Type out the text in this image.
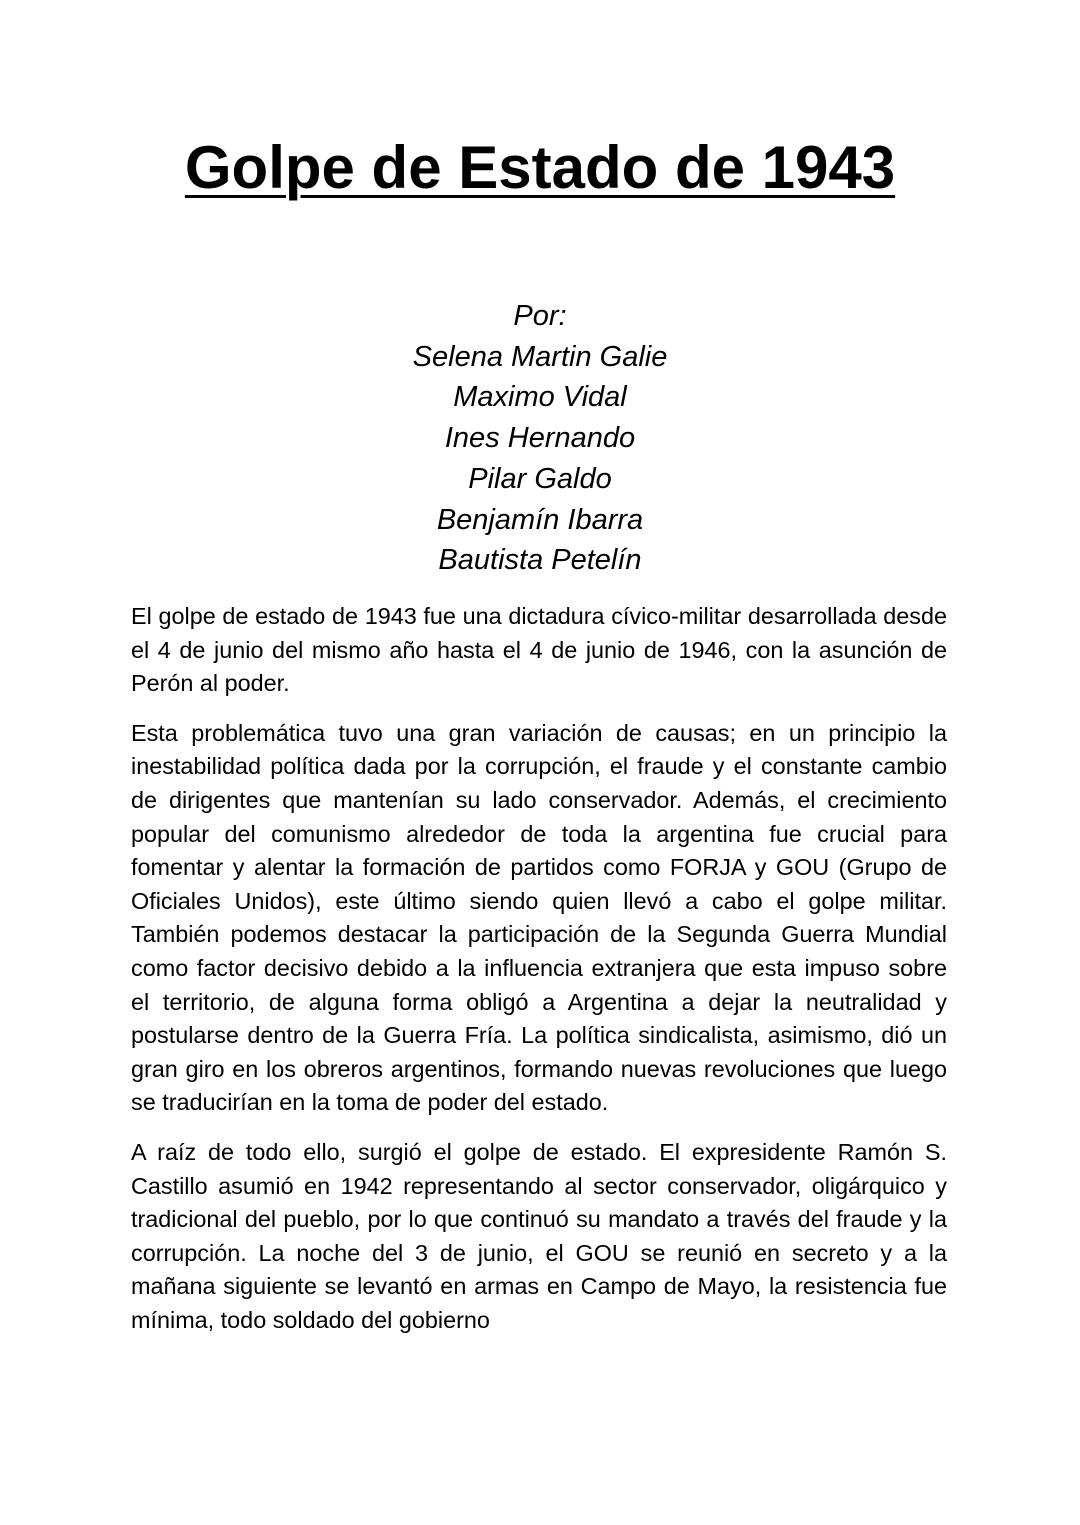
Golpe de Estado de 1943
Por:
Selena Martin Galie
Maximo Vidal
Ines Hernando
Pilar Galdo
Benjamín Ibarra
Bautista Petelín

El golpe de estado de 1943 fue una dictadura cívico-militar desarrollada desde el 4 de junio del mismo año hasta el 4 de junio de 1946, con la asunción de Perón al poder.

Esta problemática tuvo una gran variación de causas; en un principio la inestabilidad política dada por la corrupción, el fraude y el constante cambio de dirigentes que mantenían su lado conservador. Además, el crecimiento popular del comunismo alrededor de toda la argentina fue crucial para fomentar y alentar la formación de partidos como FORJA y GOU (Grupo de Oficiales Unidos), este último siendo quien llevó a cabo el golpe militar. También podemos destacar la participación de la Segunda Guerra Mundial como factor decisivo debido a la influencia extranjera que esta impuso sobre el territorio, de alguna forma obligó a Argentina a dejar la neutralidad y postularse dentro de la Guerra Fría. La política sindicalista, asimismo, dió un gran giro en los obreros argentinos, formando nuevas revoluciones que luego se traducirían en la toma de poder del estado.

A raíz de todo ello, surgió el golpe de estado. El expresidente Ramón S. Castillo asumió en 1942 representando al sector conservador, oligárquico y tradicional del pueblo, por lo que continuó su mandato a través del fraude y la corrupción. La noche del 3 de junio, el GOU se reunió en secreto y a la mañana siguiente se levantó en armas en Campo de Mayo, la resistencia fue mínima, todo soldado del gobierno
